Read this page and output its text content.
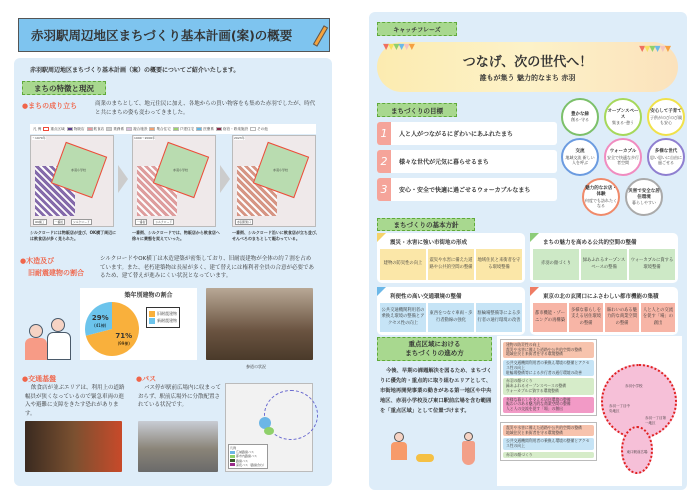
赤羽駅周辺地区まちづくり基本計画(案)の概要
赤羽駅周辺地区まちづくり基本計画（案）の概要についてご紹介いたします。
まちの特徴と現況
●まちの成り立ち	商業のまちとして、地元住民に加え、各地からの買い物客をも集めた赤羽でしたが、時代と共にまちの姿も変わってきました。
凡 例	重点区域	物販店	飲食店	業務系	複合施設	集合住宅	戸建住宅	医療系	宿泊・娯楽施設	その他
～1970年
赤羽小学校
OK横丁	一番街	シルクロード
シルクロードには物販店が並び、OK横丁周辺には飲食店が多く見られた。
1990～2000年
赤羽小学校
一番街	シルクロード
一番街、シルクロードでは、物販店から飲食店へ徐々に業態を変えていった。
2023年
赤羽小学校
赤羽駅東口
一番街、シルクロード沿いに飲食店が立ち並び、せんべろのまちとして賑わっている。
●木造及び
旧耐震建物の割合
シルクロードやOK横丁は木造建築が密集しており、旧耐震建物が全体の約７割を占めています。また、老朽建築物は長屋が多く、建て替えには権利者全員の合意が必要であるため、建て替えが進みにくい状況となっています。
築年別建物の割合
71%
(99棟)
29%
(41棟)
旧耐震建物
新耐震建物
参道の状況
●交通基盤
飲食店が並ぶエリアは、利用上の道路幅員が狭くなっているので緊急車両の進入や避難に支障をきたす恐れがあります。
●バス
バス停が駅前広場内に収まっておらず、駅前広場外に分散配置されている状況です。
凡例
広域路線バス
都市内路線バス
路線バス
深夜バス（路線含む）
キャッチフレーズ
つなげ、次の世代へ！
誰もが集う 魅力的なまち 赤羽
▼▼▼▼▼▼	▼▼▼▼▼▼
まちづくりの目標
1	人と人がつながるにぎわいにあふれたまち
2	様々な世代が元気に暮らせるまち
3	安心・安全で快適に過ごせるウォーカブルなまち
豊かな緑
創る･守る
オープンスペース
集まる･憩う
安心して子育て
子供がのびのび親も安心
交流
地域交流 新しい人を呼ぶ
ウォーカブル
安全で快適な歩行者空間
多様な世代
思い思いに自由に過ごせる
魅力的なお店・体験
何度でも訪れたくなる
災害で安全な居住環境
暮らしやすい
まちづくりの基本方針
震災・水害に強い市街地の形成
建物の防災性の向上
震災や水害に備えた道路や公共的空間の整備
地域住民と来街者を守る環境整備
まちの魅力を高める公共的空間の整備
赤羽の顔づくり
緑あふれるオープンスペースの整備
ウォーカブルに資する環境整備
利便性の高い交通環境の整備
公共交通機関利用者の乗換え環境の整備とアクセス性の向上
東西をつなぐ車両・歩行者動線の強化
駐輪場整備等による歩行者の通行環境の改善
東京の北の玄関口にふさわしい都市機能の集積
都市機能・ゾーニングの再構築
多様な暮らしを支える居住環境の整備
賑わいのある魅力的な商業空間の整備
人と人との交流を促す「場」の創出
重点区域における
まちづくりの進め方
今後、早期の課題解決を図るため、まちづくりに優先的・重点的に取り組むエリアとして、市街地再開発事業の動きがある第一地区や中央地区、赤羽小学校及び東口駅前広場を含む範囲を「重点区域」として位置づけます。
赤羽小学校
赤羽一丁目中央地区
赤羽一丁目第一地区
東口駅前広場
建物の防災性の向上
震災や水害に備えた道路や公共的空間の整備
地域住民と来街者を守る環境整備
公共交通機関利用者の乗換え環境の整備とアクセス性の向上
駐輪場整備等による歩行者の通行環境の改善
赤羽の顔づくり
緑あふれるオープンスペースの整備
ウォーカブルに資する環境整備
多様な暮らしを支える居住環境の整備
賑わいのある魅力的な商業空間の整備
人と人の交流を促す「場」の創出
震災や水害に備えた道路や公共的空間の整備
地域住民と来街者を守る環境整備
公共交通機関利用者の乗換え環境の整備とアクセス性の向上
赤羽の顔づくり
